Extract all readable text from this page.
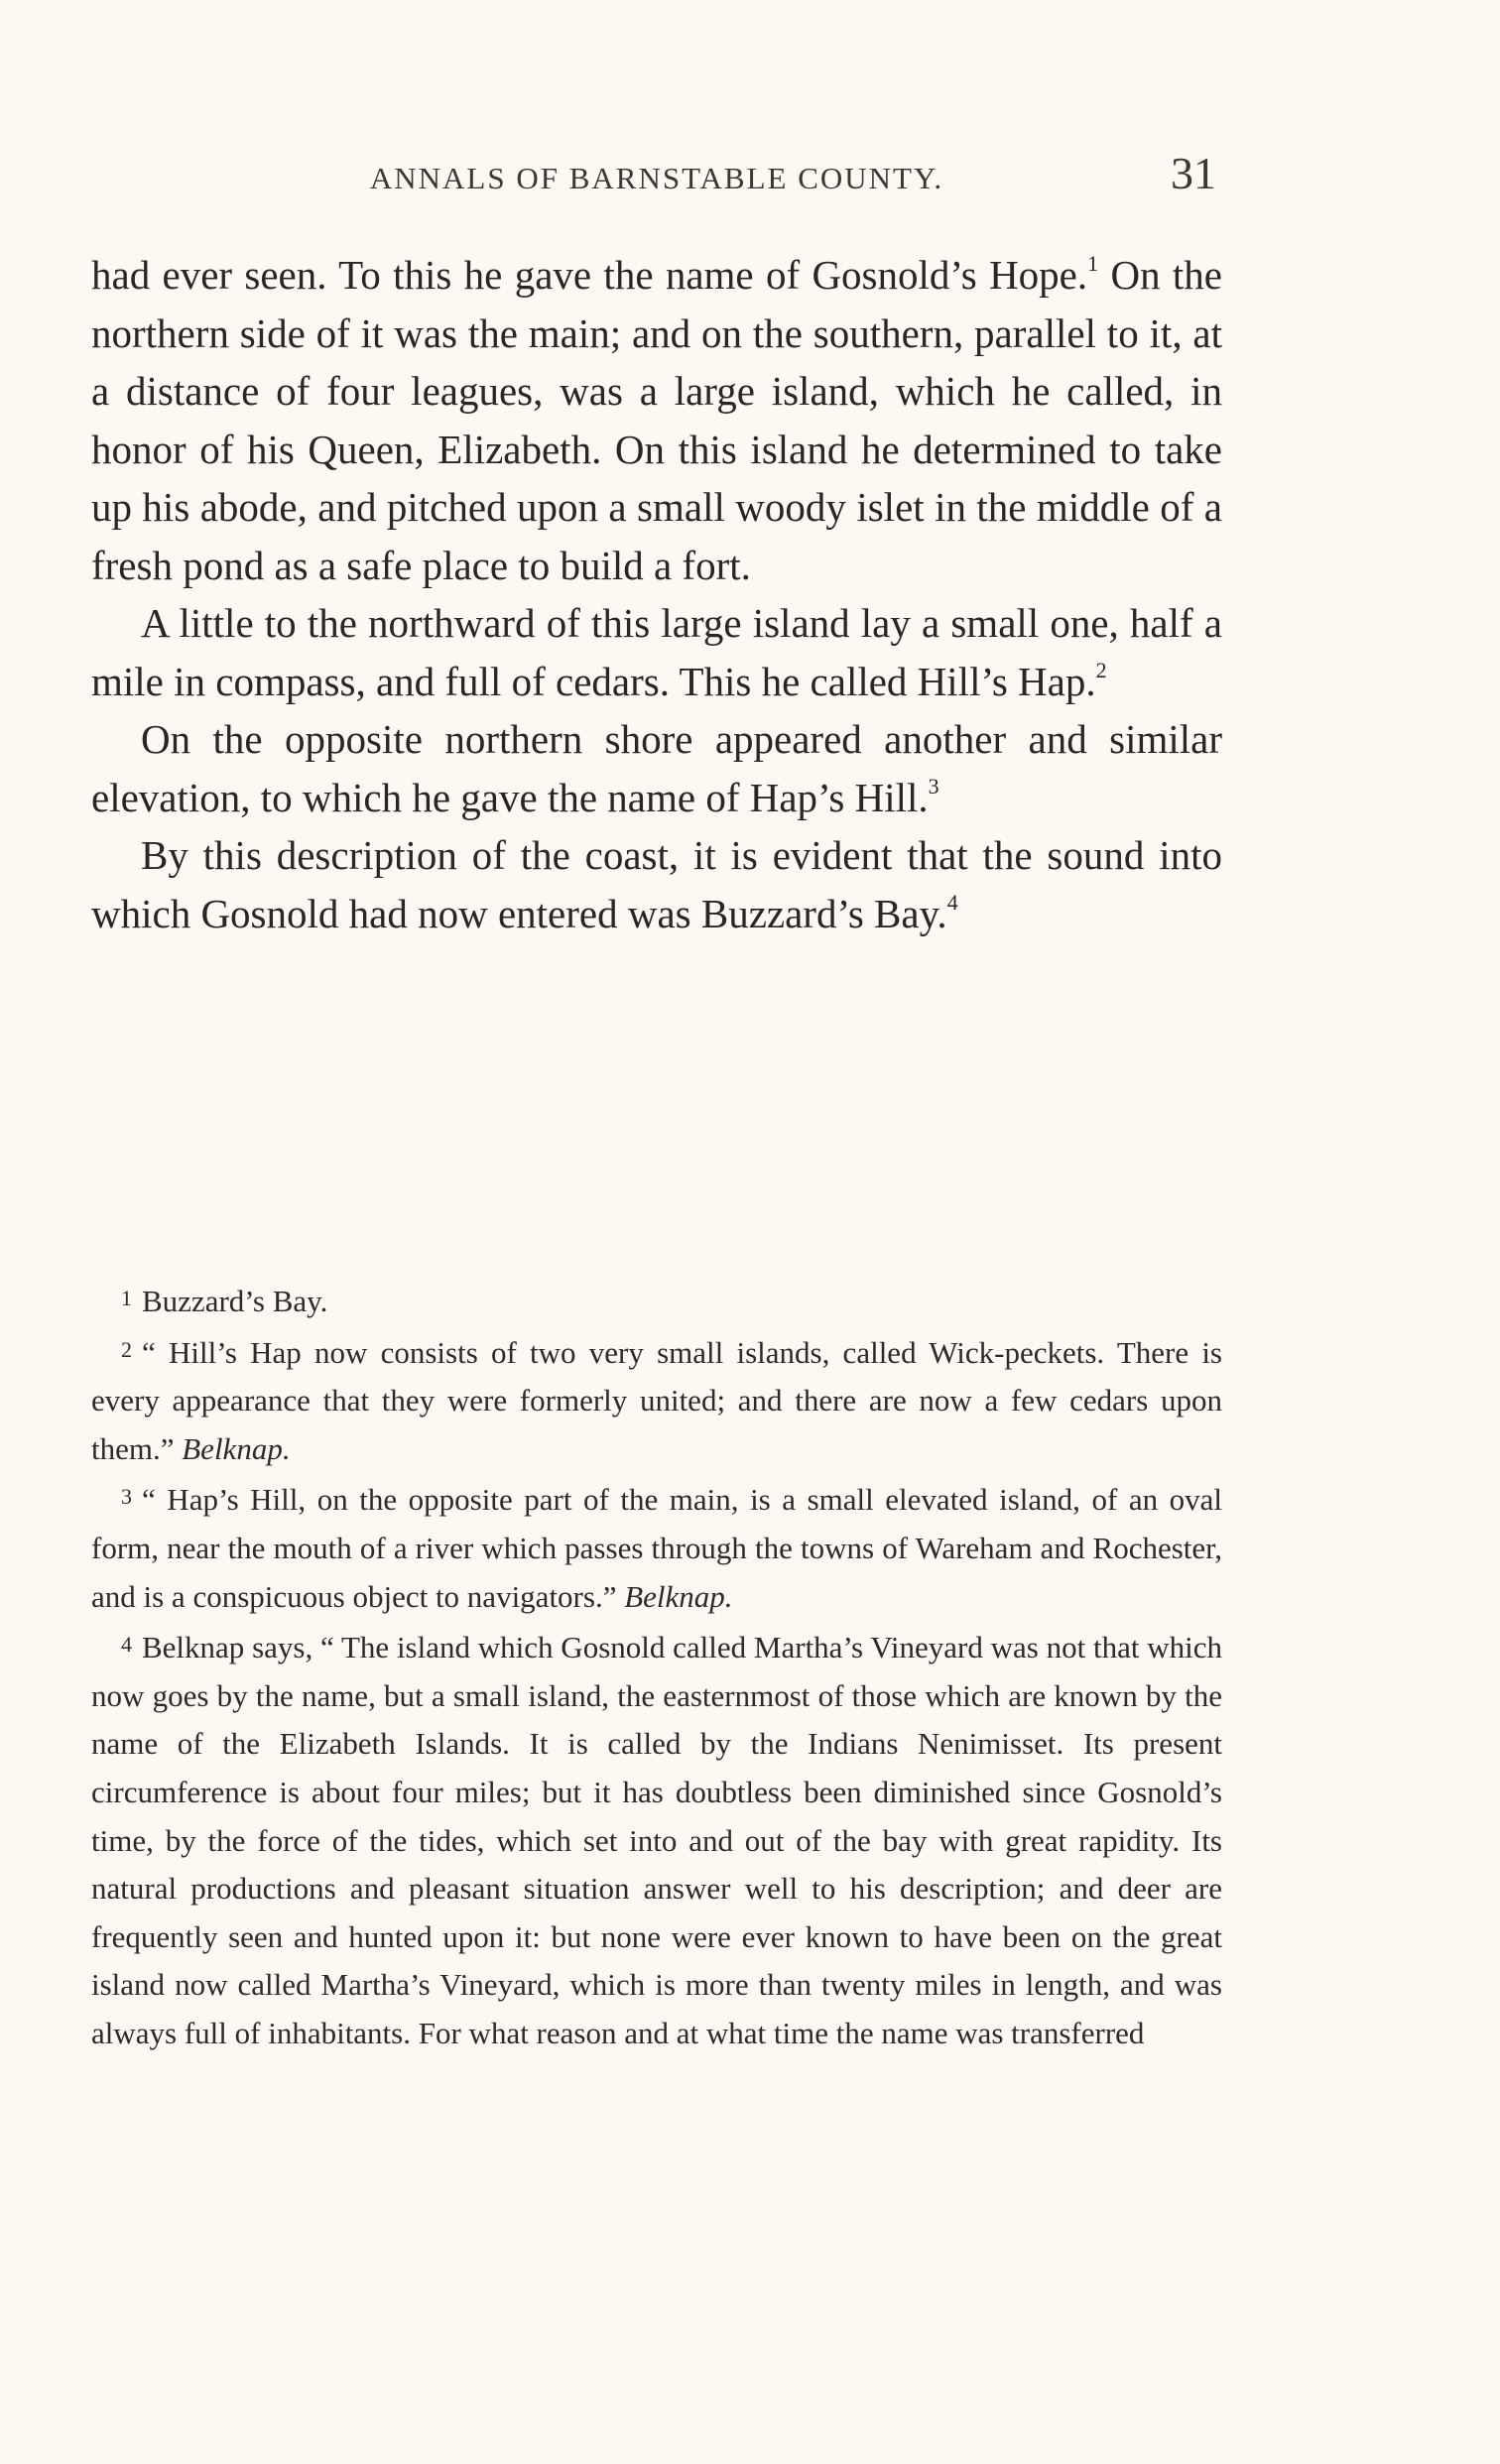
ANNALS OF BARNSTABLE COUNTY.	31

had ever seen. To this he gave the name of Gosnold’s Hope.$^1$ On the northern side of it was the main; and on the southern, parallel to it, at a distance of four leagues, was a large island, which he called, in honor of his Queen, Elizabeth. On this island he determined to take up his abode, and pitched upon a small woody islet in the middle of a fresh pond as a safe place to build a fort.

A little to the northward of this large island lay a small one, half a mile in compass, and full of cedars. This he called Hill’s Hap.$^2$

On the opposite northern shore appeared another and similar elevation, to which he gave the name of Hap’s Hill.$^3$

By this description of the coast, it is evident that the sound into which Gosnold had now entered was Buzzard’s Bay.$^4$

1 Buzzard’s Bay.

2 “ Hill’s Hap now consists of two very small islands, called Wick-peckets. There is every appearance that they were formerly united; and there are now a few cedars upon them.” Belknap.

3 “ Hap’s Hill, on the opposite part of the main, is a small elevated island, of an oval form, near the mouth of a river which passes through the towns of Wareham and Rochester, and is a conspicuous object to navigators.” Belknap.

4 Belknap says, “ The island which Gosnold called Martha’s Vineyard was not that which now goes by the name, but a small island, the easternmost of those which are known by the name of the Elizabeth Islands. It is called by the Indians Nenimisset. Its present circumference is about four miles; but it has doubtless been diminished since Gosnold’s time, by the force of the tides, which set into and out of the bay with great rapidity. Its natural productions and pleasant situation answer well to his description; and deer are frequently seen and hunted upon it: but none were ever known to have been on the great island now called Martha’s Vineyard, which is more than twenty miles in length, and was always full of inhabitants. For what reason and at what time the name was transferred
